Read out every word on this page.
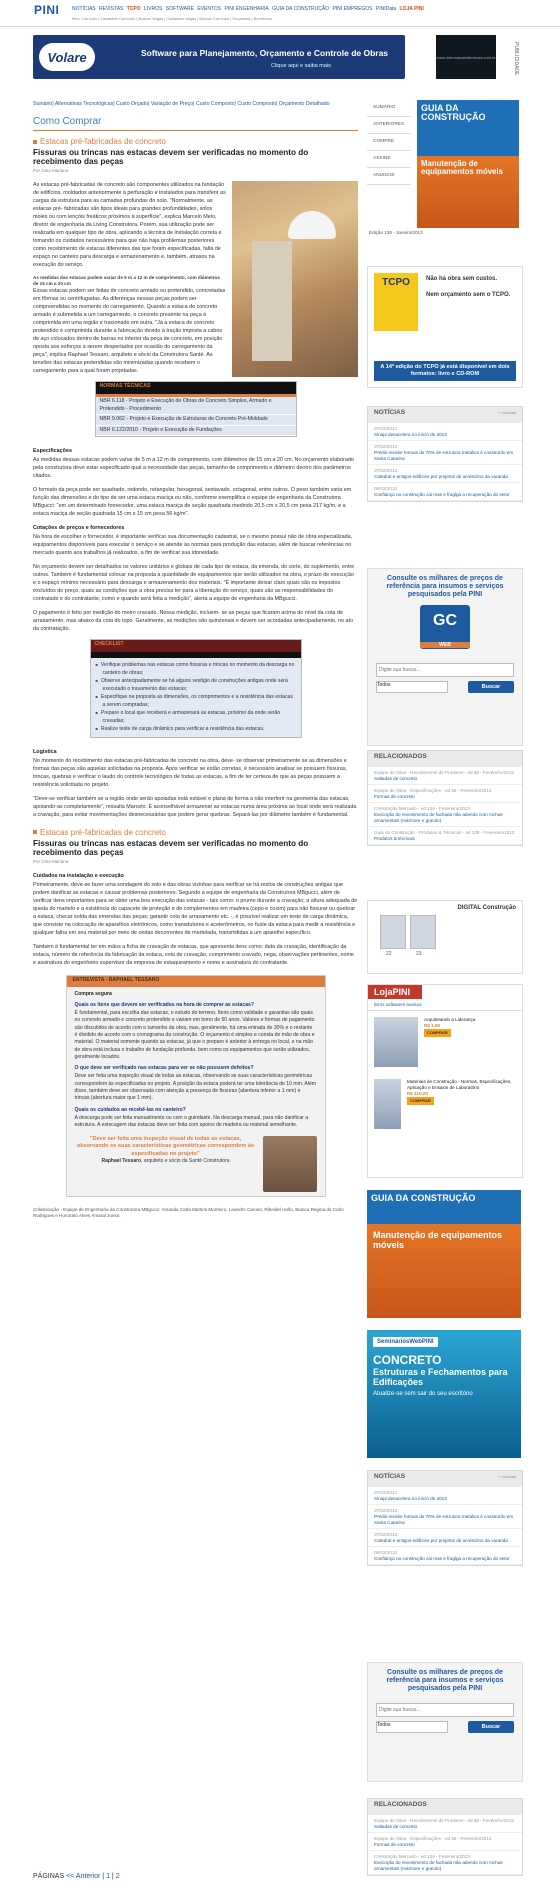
PINI	NOTÍCIAS REVISTAS TCPO LIVROS SOFTWARE EVENTOS PINI ENGENHARIA GUIA DA CONSTRUÇÃO PINI EMPREGOS PINIData LOJA PINI
Meu Currículo | Cadastrar Currículo | Buscar Vagas | Cadastrar Vagas | Buscar Currículo | Empresas | Benefícios
Volare	Software para Planejamento, Orçamento e Controle de Obras
Clique aqui e saiba mais
www.informacoestecnicas.com.br	PUBLICIDADE
Sumário| Alternativas Tecnológicas| Custo Orçado| Variação de Preço| Custo Composto| Custo Composto| Orçamento Detalhado
Como Comprar
Estacas pré-fabricadas de concreto
Fissuras ou trincas nas estacas devem ser verificadas no momento do recebimento das peças
Por Gina Mariana

As estacas pré-fabricadas de concreto são componentes utilizados na fundação de edifícios, moldados anteriormente à perfuração e instalados para transferir as cargas da estrutura para as camadas profundas do solo. "Normalmente, as estacas pré- fabricadas são tipos ideais para grandes profundidades, solos moles ou com lençóis freáticos próximos à superfície", explica Marcelo Melo, diretor de engenharia da Living Construtora. Porém, sua utilização pode ser realizada em qualquer tipo de obra, aplicando a técnica de instalação correta e tomando os cuidados necessários para que não haja problemas posteriores como recebimento de estacas diferentes das que foram especificadas, falta de espaço no canteiro para descarga e armazenamento e, também, atrasos na execução do serviço.

As medidas das estacas podem variar de 5 m a 12 m de comprimento, com diâmetros de 15 cm a 20 cm

Essas estacas podem ser feitas de concreto armado ou protendido, concretadas em fôrmas ou centrifugadas. As diferenças nessas peças podem ser compreendidas no momento do carregamento. Quando a estaca de concreto armado é submetida a um carregamento, o concreto presente na peça é comprimida em uma região e tracionado em outra. "Já a estaca de concreto protendido é comprimida durante a fabricação devido à tração imposta a cabos de aço colocados dentro de barras no interior da peça de concreto, em posição oposta aos esforços a serem despertados por ocasião do carregamento da peça", explica Raphael Tessaro, arquiteto e sócio da Construtora Santé. As tensões das estacas protendidas são minimizadas quando recebem o carregamento para a qual foram projetadas.

NORMAS TÉCNICAS
NBR 6.118 - Projeto e Execução de Obras de Concreto Simples, Armado e Protendido - Procedimento
NBR 9.062 - Projeto e Execução de Estruturas de Concreto Pré-Moldado
NBR 6.122/2010 - Projeto e Execução de Fundações
Especificações

As medidas dessas estacas podem variar de 5 m a 12 m de comprimento, com diâmetros de 15 cm a 20 cm. No orçamento elaborado pela construtora deve estar especificado qual a necessidade das peças, tamanho de comprimento e diâmetro dentro dos parâmetros citados.

O formato da peça pode ser quadrado, redondo, retangular, hexagonal, sextavado, octagonal, entre outros. O peso também varia em função das dimensões e do tipo de ser uma estaca maciça ou não, conforme exemplifica o equipe de engenharia da Construtora MBgucci: "em um determinado fornecedor, uma estaca maciça de seção quadrada medindo 20,5 cm x 20,5 cm pesa 217 kg/m, e a estaca maciça de seção quadrada 15 cm x 15 cm pesa 56 kg/m".

Cotações de preços e fornecedores

Na hora de escolher o fornecedor, é importante verificar sua documentação cadastral, se o mesmo possui não de obra especializada, equipamentos disponíveis para executar o serviço e se atende às normas para produção das estacas, além de buscar referências no mercado quanto aos trabalhos já realizados, a fim de verificar sua idoneidade.

No orçamento devem ser detalhados os valores unitários e globais de cada tipo de estaca, da emenda, do corte, do suplemento, entre outros. Também é fundamental colocar na proposta a quantidade de equipamentos que serão utilizados na obra, o prazo de execução e o espaço mínimo necessário para descarga e armazenamento dos materiais. "É importante deixar claro quais são os impostos excluídos do preço, quais as condições que a obra precisa ter para a liberação do serviço, quais são as responsabilidades do contratado e do contratante, como e quando será feita a medição", alerta a equipe de engenharia da MBgucci.

O pagamento é feito por medição do metro cravado. Nessa medição, incluem- se as peças que ficaram acima do nível da cota de arrasamento, mas abaixo da cota do topo. Geralmente, as medições são quinzenais e devem ser acordadas antecipadamente, no ato da contratação.

CHECKLIST
■ Verifique problemas nas estacas como fissuras e trincas no momento da descarga no canteiro de obras;
■ Observe antecipadamente se há alguns vestígio de construções antigas onde será executado o travamento das estacas;
■ Especifique na proposta as dimensões, os comprimentos e a resistência das estacas a serem compradas;
■ Prepare o local que receberá e armazenará as estacas, próximo da onde serão cravadas;
■ Realize teste de carga dinâmico para verificar a resistência das estacas.
Logística

No momento do recebimento das estacas pré-fabricadas de concreto na obra, deve- se observar primeiramente se as dimensões e formas das peças são aquelas solicitadas na proposta. Após verificar se estão corretas, é necessário analisar se possuem fissuras, trincas, quebras e verificar o laudo do controle tecnológico de todas as estacas, a fim de ter certeza de que as peças possuem a resistência solicitada no projeto.

"Deve-se verificar também se a região onde serão apoiadas está estável e plana de forma a não interferir na geometria das estacas, apoiando-as completamente", ressalta Marcelo. É aconselhável armazenar as estacas numa área próxima ao local onde será realizada a cravação, para evitar movimentações desnecessárias que podem gerar quebras. Separá-las por diâmetro também é fundamental.

Estacas pré-fabricadas de concreto
Fissuras ou trincas nas estacas devem ser verificadas no momento do recebimento das peças
Por Gina Mariana
Cuidados na instalação e execução

Primeiramente, deve-se fazer uma sondagem do solo e das obras vizinhas para verificar se há restos de construções antigas que podem danificar as estacas e causar problemas posteriores. Segundo a equipe de engenharia da Construtora MBgucci, além de verificar itens importantes para se obter uma boa execução das estacas - tais como: o prumo durante a cravação; a altura adequada de queda do martelo e a existência do capacete de proteção e de complementos em madeira (cepo e coxim) para não fissurar ou quebrar a estaca; checar solda das emendas das peças; garantir cota de arrasamento etc. -, é possível realizar um teste de carga dinâmica, que consiste na colocação de aparelhos eletrônicos, como transdutores e acelerômetros, no fuste da estaca para medir a resistência e qualquer falha em seu material por meio de ondas decorrentes de martelada, transmitidas a um aparelho específico.

Também é fundamental ter em mãos a ficha de cravação de estacas, que apresenta itens como: data da cravação, identificação da estaca, número de referência da fabricação da estaca, cota de cravação, comprimento cravado, nega, observações pertinentes, nome e assinatura do engenheiro supervisor da empresa de estaqueamento e nome e assinatura do contratante.

ENTREVISTA - RAPHAEL TESSARO
Compra segura
Quais os itens que devem ser verificados na hora de comprar as estacas?
É fundamental, para escolha das estacas, o estudo do terreno. Itens como validade e garantias são quais no concreto armado e concreto protendido e variam em torno de 50 anos. Valores e formas de pagamento são discutidos de acordo com o tamanho da obra, mas, geralmente, há uma entrada de 30% e o restante é dividido de acordo com o cronograma da construção. O orçamento é simples e consta de mão de obra e material. O material somente quando as estacas, já que o preparo é anterior à entrega no local, e na mão de obra está inclusa o trabalho de fundação profunda, bem como os equipamentos que serão utilizados, geralmente locados.
O que deve ser verificado nas estacas para ver se não possuem defeitos?
Deve ser feita uma inspeção visual de todas as estacas, observando se suas características geométricas correspondem às especificadas no projeto. A posição da estaca poderá ter uma tolerância de 10 mm. Além disso, também deve ser observada com atenção a presença de fissuras (abertura inferior a 1 mm) e trincas (abertura maior que 1 mm).
Quais os cuidados ao recebê-las no canteiro?
A descarga pode ser feita manualmente ou com o guindaste. Na descarga manual, para não danificar a estrutura. A estocagem das estacas deve ser feita com apoios de madeira ou material semelhante.
"Deve ser feita uma inspeção visual de todas as estacas, observando se suas características geométricas correspondem às especificadas no projeto"
Raphael Tessaro, arquiteto e sócio da Santé Construtora
Colaboração - Equipe de Engenharia da Construtora MBgucci: Amanda Carla Martins Monteiro, Leandro Caruso, Ribeidel Hollo, Bianca Regina de Carlo Rodrigues e Honorato Alves Amaral Junior.
PÁGINAS << Anterior | 1 | 2
SUMÁRIO
ANTERIORES
COMPRE
ASSINE
ANUNCIE
GUIA DA CONSTRUÇÃO
Manutenção de equipamentos móveis
Edição 138 - Janeiro/2013
TCPO	Não há obra sem custos.
Nem orçamento sem o TCPO.
A 14ª edição do TCPO já está disponível em dois formatos: livro e CD-ROM
NOTÍCIAS	+ notícias
07/02/2013
Sinapi desacelera no início de 2013
07/02/2013
Prédio recebe formas de 70% de estrutura metálica é construído em Santa Catarina
07/02/2013
Catedral e antigos edifícios por projetos de acréscimo da varanda
06/02/2013
Confiança na construção cai mas e fraglga a recuperação do setor
Consulte os milhares de preços de referência para insumos e serviços pesquisados pela PINI
WEB
GC
Digite sua busca...
Todos	Buscar
RELACIONADOS
Equipe de Obra - Recebimento de Produtos - ed 59 - Fevereiro/2013
Saltadas de concreto
Equipe de Obra - Especificações - ed 59 - Fevereiro/2013
Formas de concreto
Construção Mercado - ed 139 - Fevereiro/2013
Execução do revestimento de fachada não aderido com rochas ornamentais (mármore e granito)
Guia da Construção - Produtos & Técnicas - ed 139 - Fevereiro/2013
Produtos & técnicas
DIGITAL Construção
22	23
LojaPINI
livros softwares avulsos
Arquitetando a Liderança
R$ 1,90
COMPRAR
Materiais de Construção - Normas, Especificações, Aplicação e Ensaios de Laboratório
R$ 110,00
COMPRAR
GUIA DA CONSTRUÇÃO
Manutenção de equipamentos móveis
SemináriosWebPINI
CONCRETO
Estruturas e Fechamentos para Edificações
Atualize-se sem sair do seu escritório
NOTÍCIAS	+ notícias
07/02/2013
Sinapi desacelera no início de 2013
07/02/2013
Prédio recebe formas de 70% de estrutura metálica é construído em Santa Catarina
07/02/2013
Catedral e antigos edifícios por projetos de acréscimo da varanda
06/02/2013
Confiança na construção cai mas e fraglga a recuperação do setor
Consulte os milhares de preços de referência para insumos e serviços pesquisados pela PINI
Digite sua busca...
Todos	Buscar
RELACIONADOS
Equipe de Obra - Recebimento de Produtos - ed 59 - Fevereiro/2013
Saltadas de concreto
Equipe de Obra - Especificações - ed 59 - Fevereiro/2013
Formas de concreto
Construção Mercado - ed 139 - Fevereiro/2013
Execução do revestimento de fachada não aderido com rochas ornamentais (mármore e granito)
